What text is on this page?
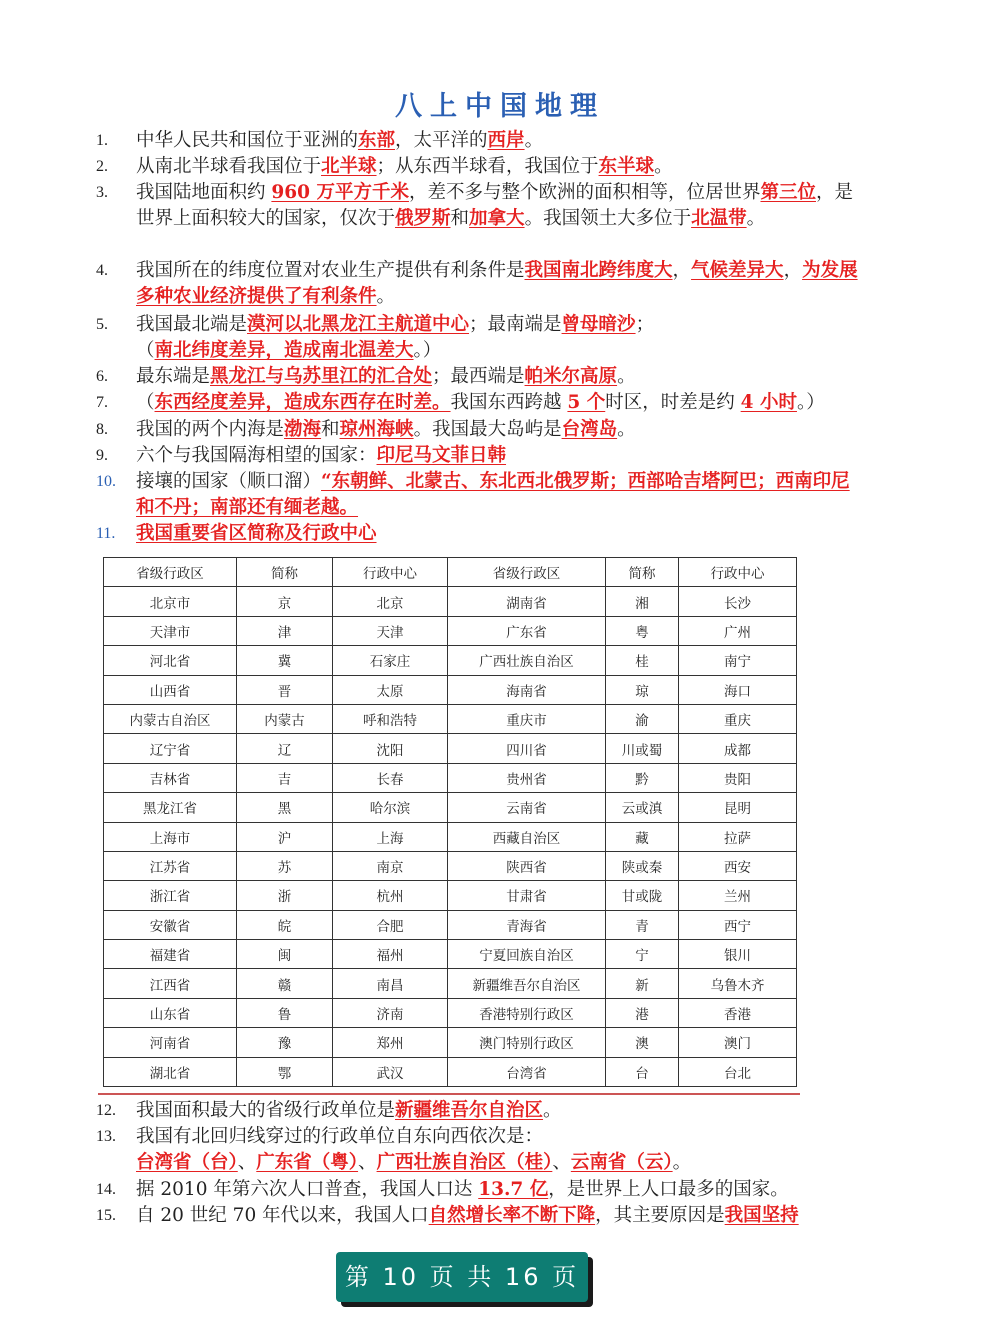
八上中国地理
1.	中华人民共和国位于亚洲的东部，太平洋的西岸。
2.	从南北半球看我国位于北半球；从东西半球看，我国位于东半球。
3.	我国陆地面积约 960 万平方千米，差不多与整个欧洲的面积相等，位居世界第三位，是世界上面积较大的国家，仅次于俄罗斯和加拿大。我国领土大多位于北温带。
4.	我国所在的纬度位置对农业生产提供有利条件是我国南北跨纬度大，气候差异大，为发展多种农业经济提供了有利条件。
5.	我国最北端是漠河以北黑龙江主航道中心；最南端是曾母暗沙；
（南北纬度差异，造成南北温差大。）
6.	最东端是黑龙江与乌苏里江的汇合处；最西端是帕米尔高原。
7.	（东西经度差异，造成东西存在时差。我国东西跨越 5 个时区，时差是约 4 小时。）
8.	我国的两个内海是渤海和琼州海峡。我国最大岛屿是台湾岛。
9.	六个与我国隔海相望的国家：印尼马文菲日韩
10.	接壤的国家（顺口溜）“东朝鲜、北蒙古、东北西北俄罗斯；西部哈吉塔阿巴；西南印尼和不丹；南部还有缅老越。
11.	我国重要省区简称及行政中心
12.	我国面积最大的省级行政单位是新疆维吾尔自治区。
13.	我国有北回归线穿过的行政单位自东向西依次是：
台湾省（台）、广东省（粤）、广西壮族自治区（桂）、云南省（云）。
14.	据 2010 年第六次人口普查，我国人口达 13.7 亿，是世界上人口最多的国家。
15.	自 20 世纪 70 年代以来，我国人口自然增长率不断下降，其主要原因是我国坚持
省级行政区	简称	行政中心	省级行政区	简称	行政中心
北京市	京	北京	湖南省	湘	长沙
天津市	津	天津	广东省	粤	广州
河北省	冀	石家庄	广西壮族自治区	桂	南宁
山西省	晋	太原	海南省	琼	海口
内蒙古自治区	内蒙古	呼和浩特	重庆市	渝	重庆
辽宁省	辽	沈阳	四川省	川或蜀	成都
吉林省	吉	长春	贵州省	黔	贵阳
黑龙江省	黑	哈尔滨	云南省	云或滇	昆明
上海市	沪	上海	西藏自治区	藏	拉萨
江苏省	苏	南京	陕西省	陕或秦	西安
浙江省	浙	杭州	甘肃省	甘或陇	兰州
安徽省	皖	合肥	青海省	青	西宁
福建省	闽	福州	宁夏回族自治区	宁	银川
江西省	赣	南昌	新疆维吾尔自治区	新	乌鲁木齐
山东省	鲁	济南	香港特别行政区	港	香港
河南省	豫	郑州	澳门特别行政区	澳	澳门
湖北省	鄂	武汉	台湾省	台	台北
第 10 页 共 16 页
